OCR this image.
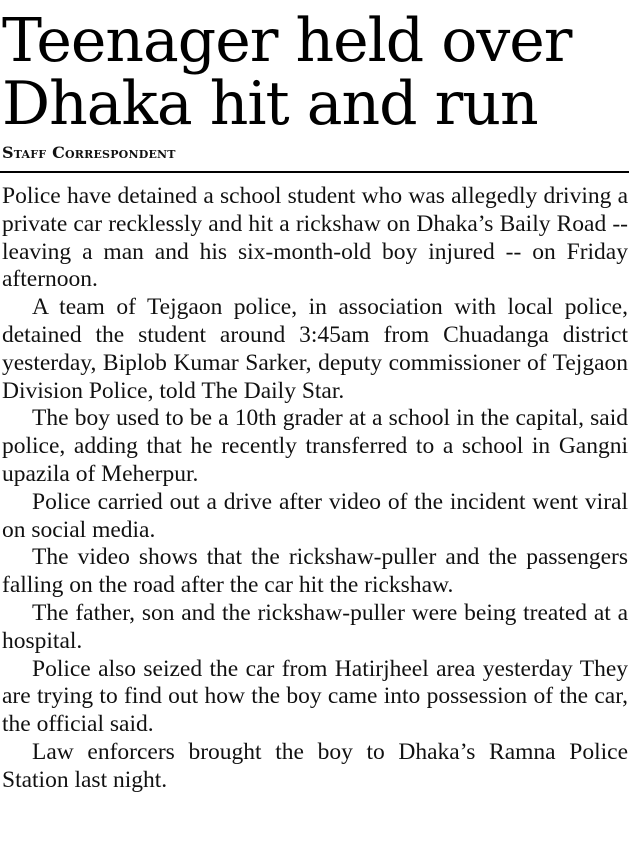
Teenager held over
Dhaka hit and run
Staff Correspondent

Police have detained a school student who was allegedly driving a private car recklessly and hit a rickshaw on Dhaka’s Baily Road -- leaving a man and his six-month-old boy injured -- on Friday afternoon.

A team of Tejgaon police, in association with local police, detained the student around 3:45am from Chuadanga district yesterday, Biplob Kumar Sarker, deputy commissioner of Tejgaon Division Police, told The Daily Star.

The boy used to be a 10th grader at a school in the capital, said police, adding that he recently transferred to a school in Gangni upazila of Meherpur.

Police carried out a drive after video of the incident went viral on social media.

The video shows that the rickshaw-puller and the passengers falling on the road after the car hit the rickshaw.

The father, son and the rickshaw-puller were being treated at a hospital.

Police also seized the car from Hatirjheel area yesterday They are trying to find out how the boy came into possession of the car, the official said.

Law enforcers brought the boy to Dhaka’s Ramna Police Station last night.
